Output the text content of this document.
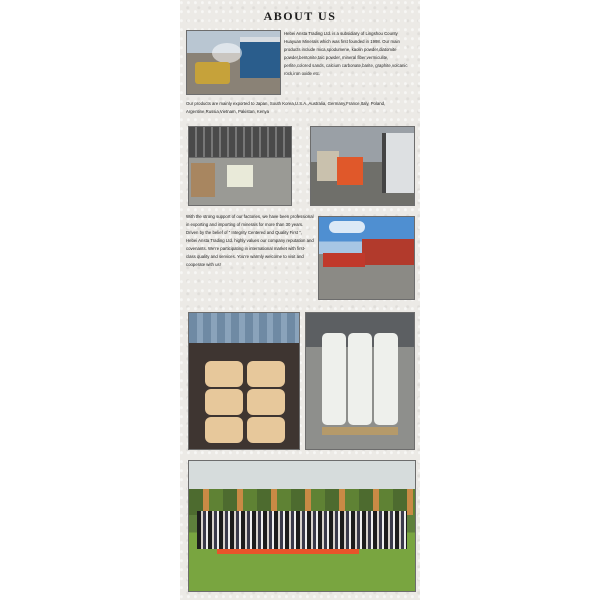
ABOUT US
Hebei Ansta Trading Ltd. is a subsidiary of Lingshou County Huayuan Minerals which was first founded in 1998. Our main products include mica,spodumene, kaolin powder,diatomite powder,bentonite,talc powder, mineral fiber,vermiculite, perlite,colored sands, calcium carbonate,barite, graphite,volcanic rock,iron oxide etc.
Our products are mainly exported to Japan, South Korea,U.S.A.,Australia, Germany,France,Italy, Poland, Argentine,Russia,Vietnam, Pakistan, Kenya
With the strong support of our factories, we have been professional in exporting and importing of minerals for more than 30 years. Driven by the belief of “ Integrity Centered and Quality First ”, Hebei Ansta Trading Ltd. highly values our company reputation and covenants. We’re participating in international market with first-class quality and services. You’re warmly welcome to visit and cooperate with us!
